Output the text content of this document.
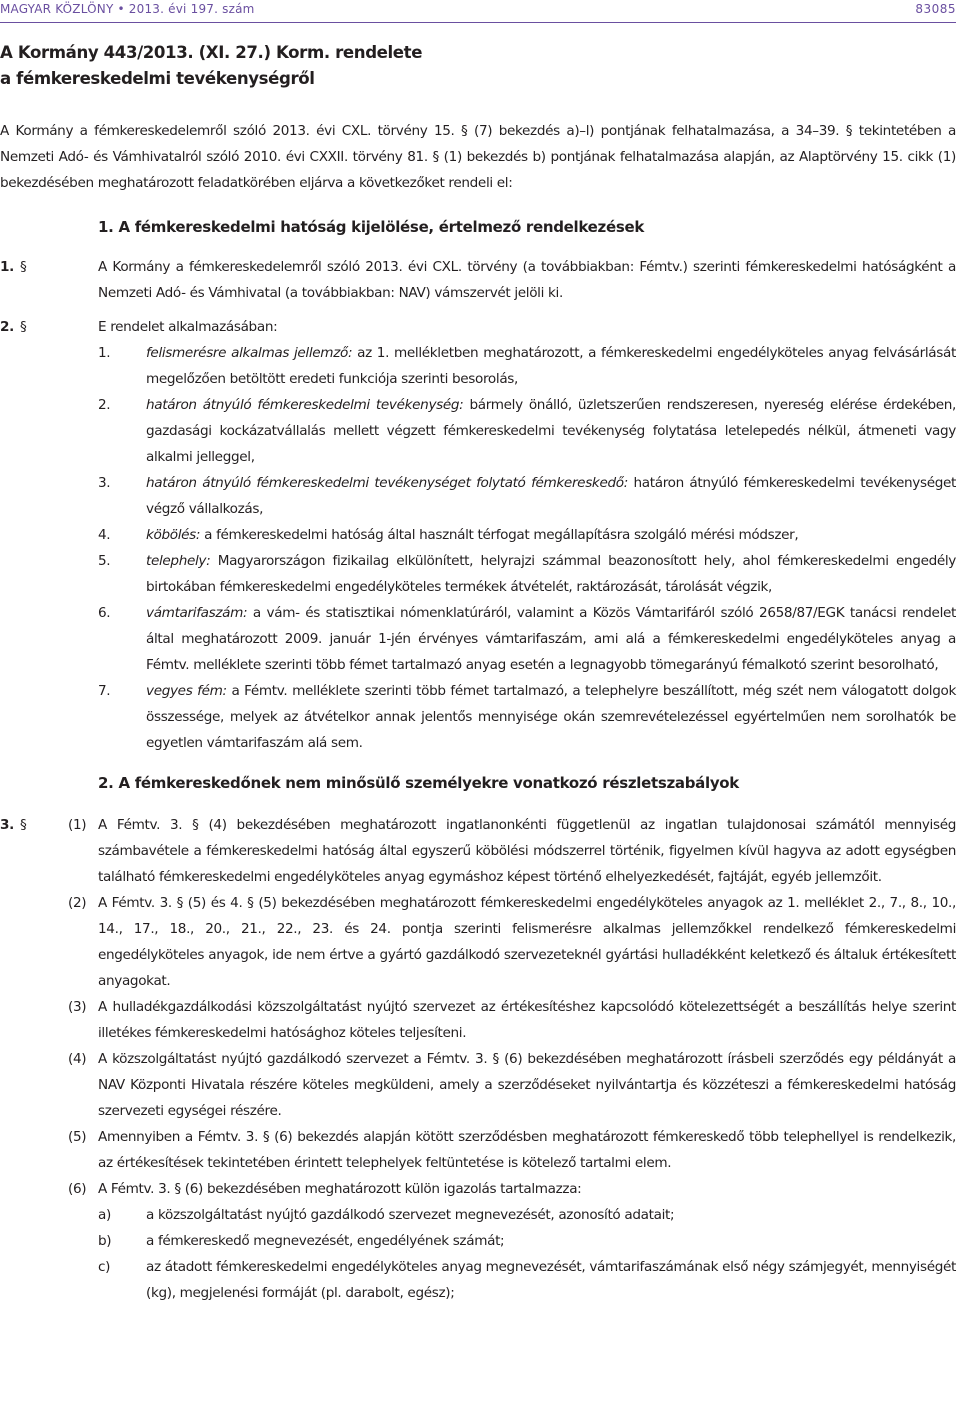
MAGYAR KÖZLÖNY • 2013. évi 197. szám	83085
A Kormány 443/2013. (XI. 27.) Korm. rendelete
a fémkereskedelmi tevékenységről

A Kormány a fémkereskedelemről szóló 2013. évi CXL. törvény 15. § (7) bekezdés a)–l) pontjának felhatalmazása, a 34–39. § tekintetében a Nemzeti Adó- és Vámhivatalról szóló 2010. évi CXXII. törvény 81. § (1) bekezdés b) pontjának felhatalmazása alapján, az Alaptörvény 15. cikk (1) bekezdésében meghatározott feladatkörében eljárva a következőket rendeli el:

1. A fémkereskedelmi hatóság kijelölése, értelmező rendelkezések
1. §	A Kormány a fémkereskedelemről szóló 2013. évi CXL. törvény (a továbbiakban: Fémtv.) szerinti fémkereskedelmi hatóságként a Nemzeti Adó- és Vámhivatal (a továbbiakban: NAV) vámszervét jelöli ki.

2. §	E rendelet alkalmazásában:

1.	felismerésre alkalmas jellemző: az 1. mellékletben meghatározott, a fémkereskedelmi engedélyköteles anyag felvásárlását megelőzően betöltött eredeti funkciója szerinti besorolás,

2.	határon átnyúló fémkereskedelmi tevékenység: bármely önálló, üzletszerűen rendszeresen, nyereség elérése érdekében, gazdasági kockázatvállalás mellett végzett fémkereskedelmi tevékenység folytatása letelepedés nélkül, átmeneti vagy alkalmi jelleggel,

3.	határon átnyúló fémkereskedelmi tevékenységet folytató fémkereskedő: határon átnyúló fémkereskedelmi tevékenységet végző vállalkozás,

4.	köbölés: a fémkereskedelmi hatóság által használt térfogat megállapításra szolgáló mérési módszer,

5.	telephely: Magyarországon fizikailag elkülönített, helyrajzi számmal beazonosított hely, ahol fémkereskedelmi engedély birtokában fémkereskedelmi engedélyköteles termékek átvételét, raktározását, tárolását végzik,

6.	vámtarifaszám: a vám- és statisztikai nómenklatúráról, valamint a Közös Vámtarifáról szóló 2658/87/EGK tanácsi rendelet által meghatározott 2009. január 1-jén érvényes vámtarifaszám, ami alá a fémkereskedelmi engedélyköteles anyag a Fémtv. melléklete szerinti több fémet tartalmazó anyag esetén a legnagyobb tömegarányú fémalkotó szerint besorolható,

7.	vegyes fém: a Fémtv. melléklete szerinti több fémet tartalmazó, a telephelyre beszállított, még szét nem válogatott dolgok összessége, melyek az átvételkor annak jelentős mennyisége okán szemrevételezéssel egyértelműen nem sorolhatók be egyetlen vámtarifaszám alá sem.

2. A fémkereskedőnek nem minősülő személyekre vonatkozó részletszabályok
3. §	(1) A Fémtv. 3. § (4) bekezdésében meghatározott ingatlanonkénti függetlenül az ingatlan tulajdonosai számától mennyiség számbavétele a fémkereskedelmi hatóság által egyszerű köbölési módszerrel történik, figyelmen kívül hagyva az adott egységben található fémkereskedelmi engedélyköteles anyag egymáshoz képest történő elhelyezkedését, fajtáját, egyéb jellemzőit.

(2) A Fémtv. 3. § (5) és 4. § (5) bekezdésében meghatározott fémkereskedelmi engedélyköteles anyagok az 1. melléklet 2., 7., 8., 10., 14., 17., 18., 20., 21., 22., 23. és 24. pontja szerinti felismerésre alkalmas jellemzőkkel rendelkező fémkereskedelmi engedélyköteles anyagok, ide nem értve a gyártó gazdálkodó szervezeteknél gyártási hulladékként keletkező és általuk értékesített anyagokat.

(3) A hulladékgazdálkodási közszolgáltatást nyújtó szervezet az értékesítéshez kapcsolódó kötelezettségét a beszállítás helye szerint illetékes fémkereskedelmi hatósághoz köteles teljesíteni.

(4) A közszolgáltatást nyújtó gazdálkodó szervezet a Fémtv. 3. § (6) bekezdésében meghatározott írásbeli szerződés egy példányát a NAV Központi Hivatala részére köteles megküldeni, amely a szerződéseket nyilvántartja és közzéteszi a fémkereskedelmi hatóság szervezeti egységei részére.

(5) Amennyiben a Fémtv. 3. § (6) bekezdés alapján kötött szerződésben meghatározott fémkereskedő több telephellyel is rendelkezik, az értékesítések tekintetében érintett telephelyek feltüntetése is kötelező tartalmi elem.

(6) A Fémtv. 3. § (6) bekezdésében meghatározott külön igazolás tartalmazza:

a)	a közszolgáltatást nyújtó gazdálkodó szervezet megnevezését, azonosító adatait;

b)	a fémkereskedő megnevezését, engedélyének számát;

c)	az átadott fémkereskedelmi engedélyköteles anyag megnevezését, vámtarifaszámának első négy számjegyét, mennyiségét (kg), megjelenési formáját (pl. darabolt, egész);
